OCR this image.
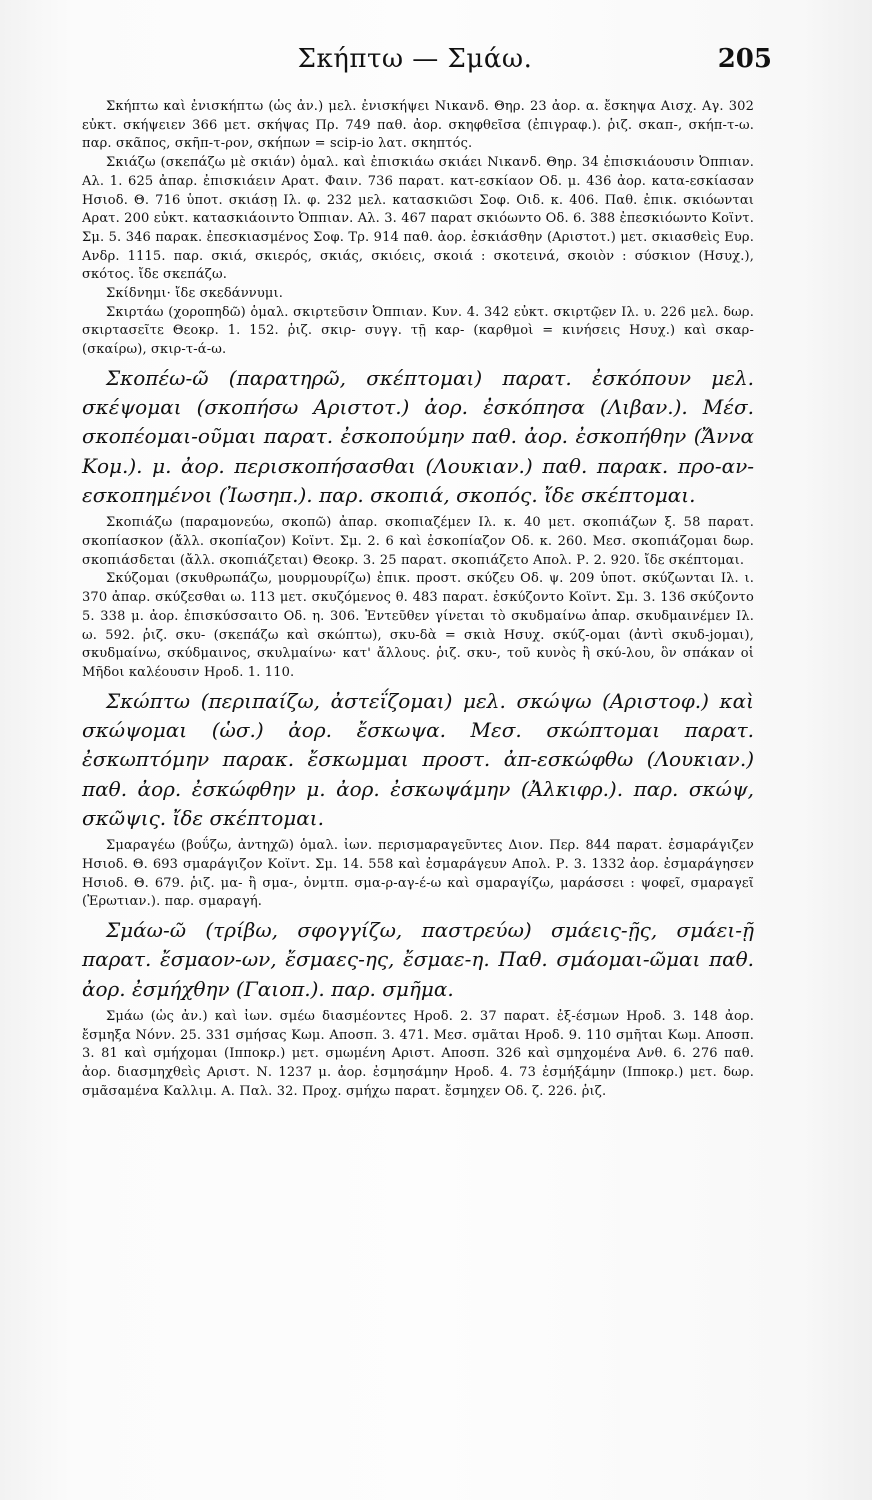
Σκήπτω — Σμάω.	205

Σκήπτω καὶ ἐνισκήπτω (ὡς ἀν.) μελ. ἐνισκήψει Νικανδ. Θηρ. 23 ἀορ. α. ἔσκηψα Αισχ. Αγ. 302 εὐκτ. σκήψειεν 366 μετ. σκήψας Πρ. 749 παθ. ἀορ. σκηφθεῖσα (ἐπιγραφ.). ῥιζ. σκαπ-, σκήπ-τ-ω. παρ. σκᾶπος, σκῆπ-τ-ρον, σκήπων = scip-io λατ. σκηπτός.

Σκιάζω (σκεπάζω μὲ σκιάν) ὁμαλ. καὶ ἐπισκιάω σκιάει Νικανδ. Θηρ. 34 ἐπισκιάουσιν Ὀππιαν. Αλ. 1. 625 ἀπαρ. ἐπισκιάειν Αρατ. Φαιν. 736 παρατ. κατ-εσκίαον Οδ. μ. 436 ἀορ. κατα-εσκίασαν Ησιοδ. Θ. 716 ὑποτ. σκιάσῃ Ιλ. φ. 232 μελ. κατασκιῶσι Σοφ. Οιδ. κ. 406. Παθ. ἐπικ. σκιόωνται Αρατ. 200 εὐκτ. κατασκιάοιντο Ὀππιαν. Αλ. 3. 467 παρατ σκιόωντο Οδ. 6. 388 ἐπεσκιόωντο Κοϊντ. Σμ. 5. 346 παρακ. ἐπεσκιασμένος Σοφ. Τρ. 914 παθ. ἀορ. ἐσκιάσθην (Αριστοτ.) μετ. σκιασθεὶς Ευρ. Ανδρ. 1115. παρ. σκιά, σκιερός, σκιάς, σκιόεις, σκοιά : σκοτεινά, σκοιὸν : σύσκιον (Ησυχ.), σκότος. ἴδε σκεπάζω.

Σκίδνημι· ἴδε σκεδάννυμι.

Σκιρτάω (χοροπηδῶ) ὁμαλ. σκιρτεῦσιν Ὀππιαν. Κυν. 4. 342 εὐκτ. σκιρτῷεν Ιλ. υ. 226 μελ. δωρ. σκιρτασεῖτε Θεοκρ. 1. 152. ῥιζ. σκιρ- συγγ. τῇ καρ- (καρθμοὶ = κινήσεις Ησυχ.) καὶ σκαρ- (σκαίρω), σκιρ-τ-ά-ω.

Σκοπέω-ῶ (παρατηρῶ, σκέπτομαι) παρατ. ἐσκόπουν μελ. σκέψομαι (σκοπήσω Αριστοτ.) ἀορ. ἐσκόπησα (Λιβαν.). Μέσ. σκοπέομαι-οῦμαι παρατ. ἐσκοπούμην παθ. ἀορ. ἐσκοπήθην (Ἄννα Κομ.). μ. ἀορ. περισκοπήσασθαι (Λουκιαν.) παθ. παρακ. προ-αν-εσκοπημένοι (Ἰωσηπ.). παρ. σκοπιά, σκοπός. ἴδε σκέπτομαι.

Σκοπιάζω (παραμονεύω, σκοπῶ) ἀπαρ. σκοπιαζέμεν Ιλ. κ. 40 μετ. σκοπιάζων ξ. 58 παρατ. σκοπίασκον (ἄλλ. σκοπίαζον) Κοϊντ. Σμ. 2. 6 καὶ ἐσκοπίαζον Οδ. κ. 260. Μεσ. σκοπιάζομαι δωρ. σκοπιάσδεται (ἄλλ. σκοπιάζεται) Θεοκρ. 3. 25 παρατ. σκοπιάζετο Απολ. Ρ. 2. 920. ἴδε σκέπτομαι.

Σκύζομαι (σκυθρωπάζω, μουρμουρίζω) ἐπικ. προστ. σκύζευ Οδ. ψ. 209 ὑποτ. σκύζωνται Ιλ. ι. 370 ἀπαρ. σκύζεσθαι ω. 113 μετ. σκυζόμενος θ. 483 παρατ. ἐσκύζοντο Κοϊντ. Σμ. 3. 136 σκύζοντο 5. 338 μ. ἀορ. ἐπισκύσσαιτο Οδ. η. 306. Ἐντεῦθεν γίνεται τὸ σκυδμαίνω ἀπαρ. σκυδμαινέμεν Ιλ. ω. 592. ῥιζ. σκυ- (σκεπάζω καὶ σκώπτω), σκυ-δὰ = σκιὰ Ησυχ. σκύζ-ομαι (ἀντὶ σκυδ-jομαι), σκυδμαίνω, σκύδμαινος, σκυλμαίνω· κατ' ἄλλους. ῥιζ. σκυ-, τοῦ κυνὸς ἢ σκύ-λου, ὃν σπάκαν οἱ Μῆδοι καλέουσιν Ηροδ. 1. 110.

Σκώπτω (περιπαίζω, ἀστεΐζομαι) μελ. σκώψω (Αριστοφ.) καὶ σκώψομαι (ὡσ.) ἀορ. ἔσκωψα. Μεσ. σκώπτομαι παρατ. ἐσκωπτόμην παρακ. ἔσκωμμαι προστ. ἀπ-εσκώφθω (Λουκιαν.) παθ. ἀορ. ἐσκώφθην μ. ἀορ. ἐσκωψάμην (Ἀλκιφρ.). παρ. σκώψ, σκῶψις. ἴδε σκέπτομαι.

Σμαραγέω (βοΰζω, ἀντηχῶ) ὁμαλ. ἰων. περισμαραγεῦντες Διον. Περ. 844 παρατ. ἐσμαράγιζεν Ησιοδ. Θ. 693 σμαράγιζον Κοϊντ. Σμ. 14. 558 καὶ ἐσμαράγευν Απολ. Ρ. 3. 1332 ἀορ. ἐσμαράγησεν Ησιοδ. Θ. 679. ῥιζ. μα- ἢ σμα-, ὀνμτπ. σμα-ρ-αγ-έ-ω καὶ σμαραγίζω, μαράσσει : ψοφεῖ, σμαραγεῖ (Ἐρωτιαν.). παρ. σμαραγή.

Σμάω-ῶ (τρίβω, σφογγίζω, παστρεύω) σμάεις-ῇς, σμάει-ῇ παρατ. ἔσμαον-ων, ἔσμαες-ης, ἔσμαε-η. Παθ. σμάομαι-ῶμαι παθ. ἀορ. ἐσμήχθην (Γαιοπ.). παρ. σμῆμα.

Σμάω (ὡς ἀν.) καὶ ἰων. σμέω διασμέοντες Ηροδ. 2. 37 παρατ. ἐξ-έσμων Ηροδ. 3. 148 ἀορ. ἔσμηξα Νόνν. 25. 331 σμήσας Κωμ. Αποσπ. 3. 471. Μεσ. σμᾶται Ηροδ. 9. 110 σμῆται Κωμ. Αποσπ. 3. 81 καὶ σμήχομαι (Ιπποκρ.) μετ. σμωμένη Αριστ. Αποσπ. 326 καὶ σμηχομένα Ανθ. 6. 276 παθ. ἀορ. διασμηχθεὶς Αριστ. Ν. 1237 μ. ἀορ. ἐσμησάμην Ηροδ. 4. 73 ἐσμήξάμην (Ιπποκρ.) μετ. δωρ. σμᾶσαμένα Καλλιμ. Α. Παλ. 32. Προχ. σμήχω παρατ. ἔσμηχεν Οδ. ζ. 226. ῥιζ.
